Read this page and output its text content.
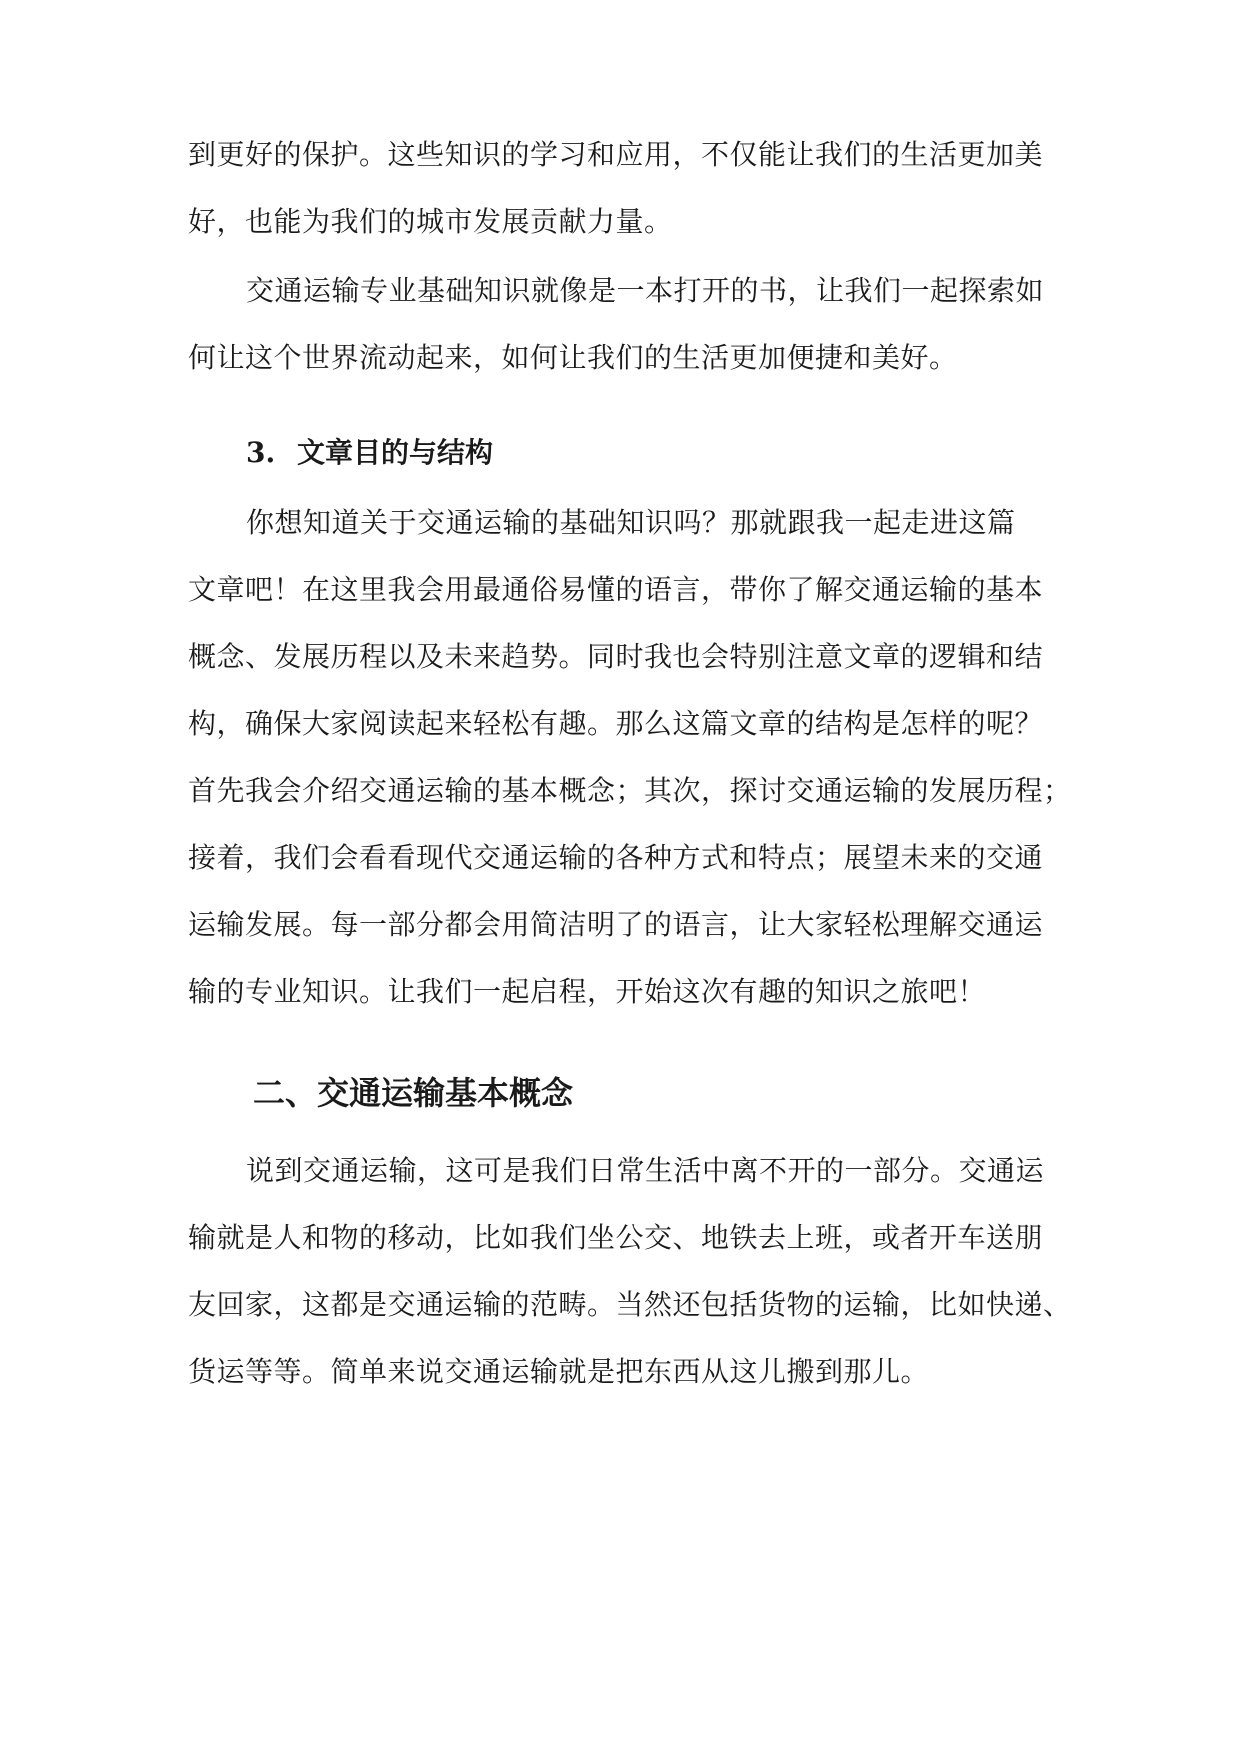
到更好的保护。这些知识的学习和应用，不仅能让我们的生活更加美
好，也能为我们的城市发展贡献力量。
交通运输专业基础知识就像是一本打开的书，让我们一起探索如
何让这个世界流动起来，如何让我们的生活更加便捷和美好。
3. 文章目的与结构
你想知道关于交通运输的基础知识吗？那就跟我一起走进这篇
文章吧！在这里我会用最通俗易懂的语言，带你了解交通运输的基本
概念、发展历程以及未来趋势。同时我也会特别注意文章的逻辑和结
构，确保大家阅读起来轻松有趣。那么这篇文章的结构是怎样的呢？
首先我会介绍交通运输的基本概念；其次，探讨交通运输的发展历程；
接着，我们会看看现代交通运输的各种方式和特点；展望未来的交通
运输发展。每一部分都会用简洁明了的语言，让大家轻松理解交通运
输的专业知识。让我们一起启程，开始这次有趣的知识之旅吧！
二、交通运输基本概念
说到交通运输，这可是我们日常生活中离不开的一部分。交通运
输就是人和物的移动，比如我们坐公交、地铁去上班，或者开车送朋
友回家，这都是交通运输的范畴。当然还包括货物的运输，比如快递、
货运等等。简单来说交通运输就是把东西从这儿搬到那儿。
